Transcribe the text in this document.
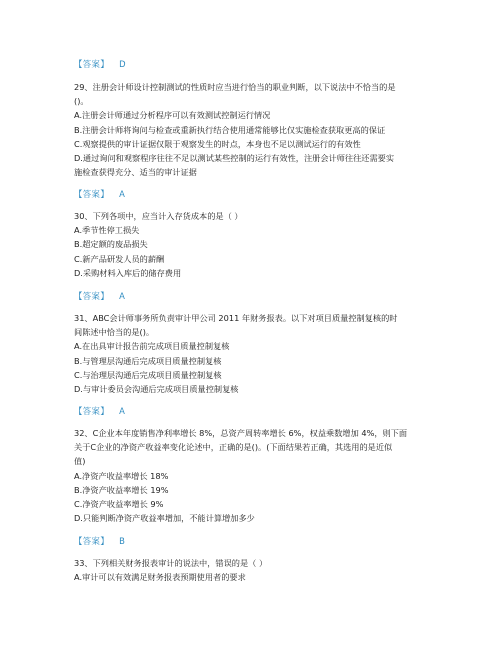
【答案】 D

29、注册会计师设计控制测试的性质时应当进行恰当的职业判断，以下说法中不恰当的是

()。

A.注册会计师通过分析程序可以有效测试控制运行情况

B.注册会计师将询问与检查或重新执行结合使用通常能够比仅实施检查获取更高的保证

C.观察提供的审计证据仅限于观察发生的时点，本身也不足以测试运行的有效性

D.通过询问和观察程序往往不足以测试某些控制的运行有效性，注册会计师往往还需要实

施检查获得充分、适当的审计证据

【答案】 A

30、下列各项中，应当计入存货成本的是（ ）

A.季节性停工损失

B.超定额的废品损失

C.新产品研发人员的薪酬

D.采购材料入库后的储存费用

【答案】 A

31、ABC会计师事务所负责审计甲公司 2011 年财务报表。以下对项目质量控制复核的时

间陈述中恰当的是()。

A.在出具审计报告前完成项目质量控制复核

B.与管理层沟通后完成项目质量控制复核

C.与治理层沟通后完成项目质量控制复核

D.与审计委员会沟通后完成项目质量控制复核

【答案】 A

32、C企业本年度销售净利率增长 8%，总资产周转率增长 6%，权益乘数增加 4%，则下面

关于C企业的净资产收益率变化论述中，正确的是()。(下面结果若正确，其选用的是近似

值)

A.净资产收益率增长 18%

B.净资产收益率增长 19%

C.净资产收益率增长 9%

D.只能判断净资产收益率增加，不能计算增加多少

【答案】 B

33、下列相关财务报表审计的说法中，错误的是（ ）

A.审计可以有效满足财务报表预期使用者的要求
